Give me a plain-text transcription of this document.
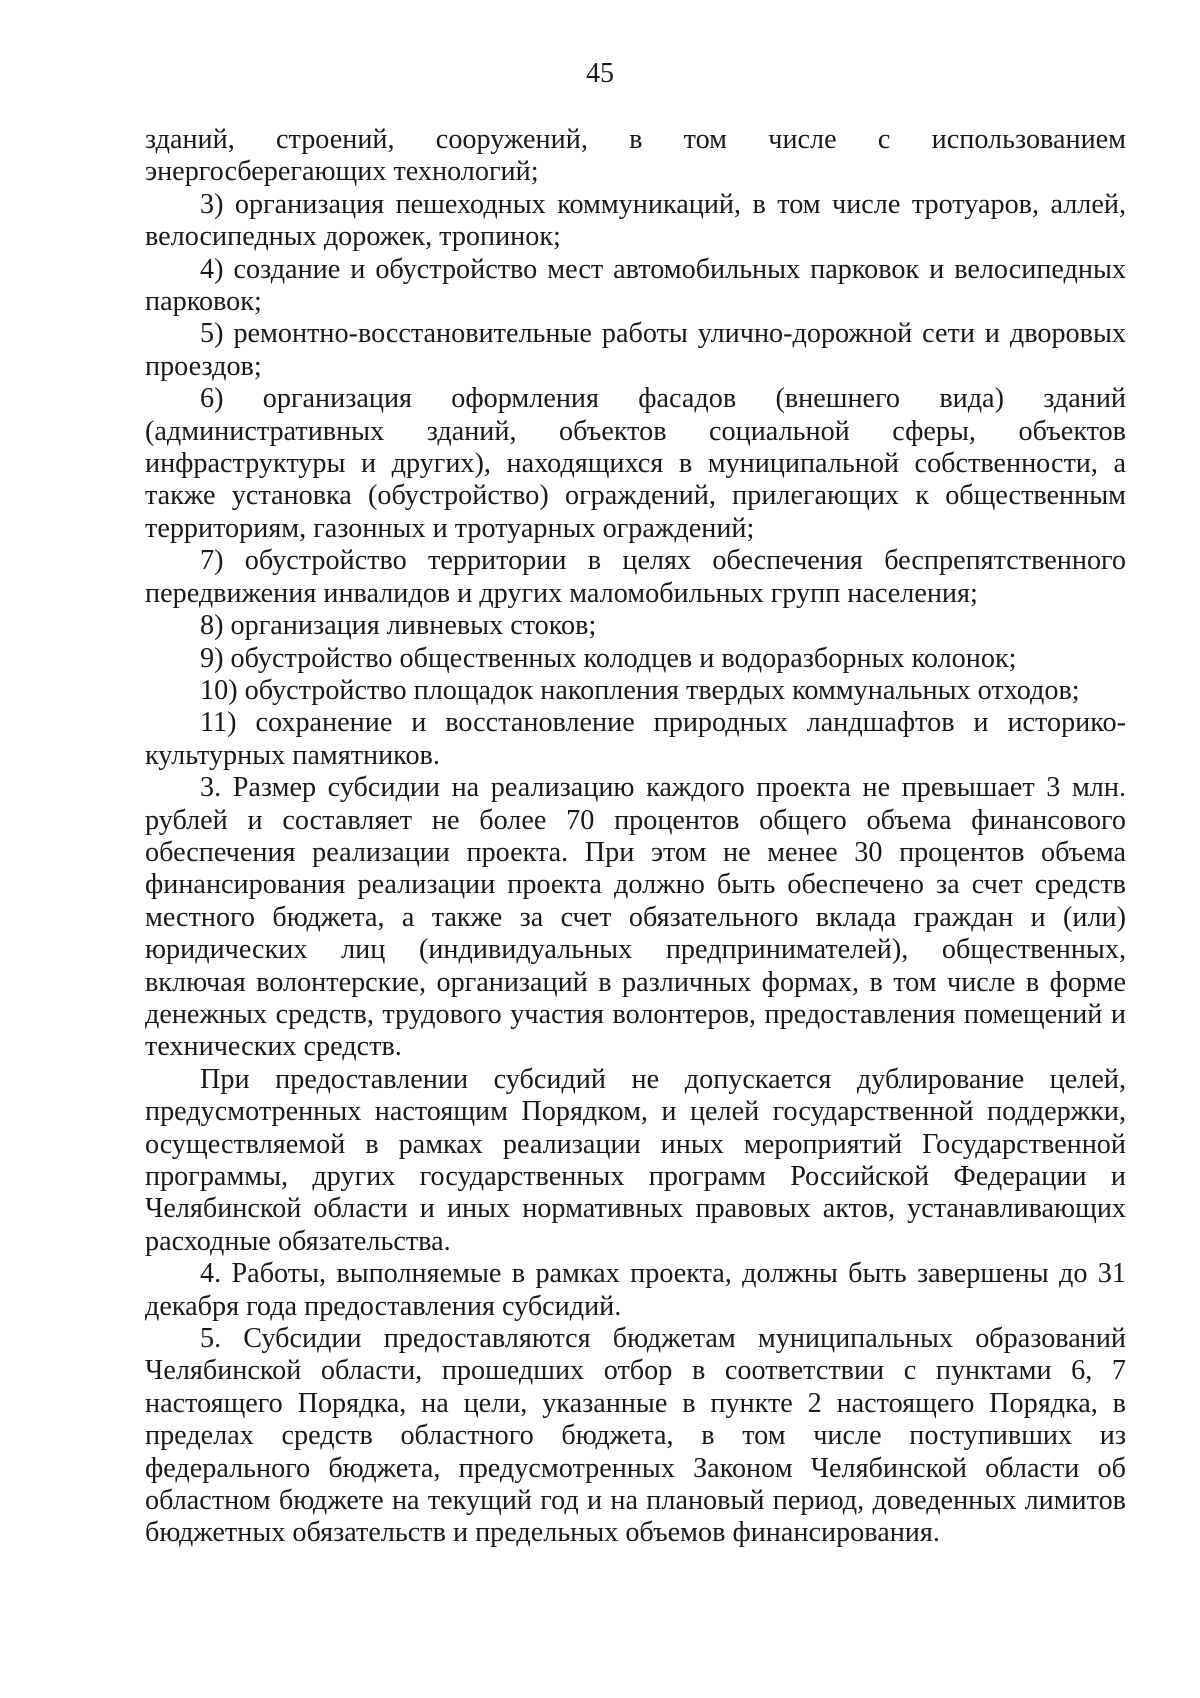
45

зданий, строений, сооружений, в том числе с использованием энергосберегающих технологий;

3) организация пешеходных коммуникаций, в том числе тротуаров, аллей, велосипедных дорожек, тропинок;

4) создание и обустройство мест автомобильных парковок и велосипедных парковок;

5) ремонтно-восстановительные работы улично-дорожной сети и дворовых проездов;

6) организация оформления фасадов (внешнего вида) зданий (административных зданий, объектов социальной сферы, объектов инфраструктуры и других), находящихся в муниципальной собственности, а также установка (обустройство) ограждений, прилегающих к общественным территориям, газонных и тротуарных ограждений;

7) обустройство территории в целях обеспечения беспрепятственного передвижения инвалидов и других маломобильных групп населения;

8) организация ливневых стоков;

9) обустройство общественных колодцев и водоразборных колонок;

10) обустройство площадок накопления твердых коммунальных отходов;

11) сохранение и восстановление природных ландшафтов и историко-культурных памятников.

3. Размер субсидии на реализацию каждого проекта не превышает 3 млн. рублей и составляет не более 70 процентов общего объема финансового обеспечения реализации проекта. При этом не менее 30 процентов объема финансирования реализации проекта должно быть обеспечено за счет средств местного бюджета, а также за счет обязательного вклада граждан и (или) юридических лиц (индивидуальных предпринимателей), общественных, включая волонтерские, организаций в различных формах, в том числе в форме денежных средств, трудового участия волонтеров, предоставления помещений и технических средств.

При предоставлении субсидий не допускается дублирование целей, предусмотренных настоящим Порядком, и целей государственной поддержки, осуществляемой в рамках реализации иных мероприятий Государственной программы, других государственных программ Российской Федерации и Челябинской области и иных нормативных правовых актов, устанавливающих расходные обязательства.

4. Работы, выполняемые в рамках проекта, должны быть завершены до 31 декабря года предоставления субсидий.

5. Субсидии предоставляются бюджетам муниципальных образований Челябинской области, прошедших отбор в соответствии с пунктами 6, 7 настоящего Порядка, на цели, указанные в пункте 2 настоящего Порядка, в пределах средств областного бюджета, в том числе поступивших из федерального бюджета, предусмотренных Законом Челябинской области об областном бюджете на текущий год и на плановый период, доведенных лимитов бюджетных обязательств и предельных объемов финансирования.
